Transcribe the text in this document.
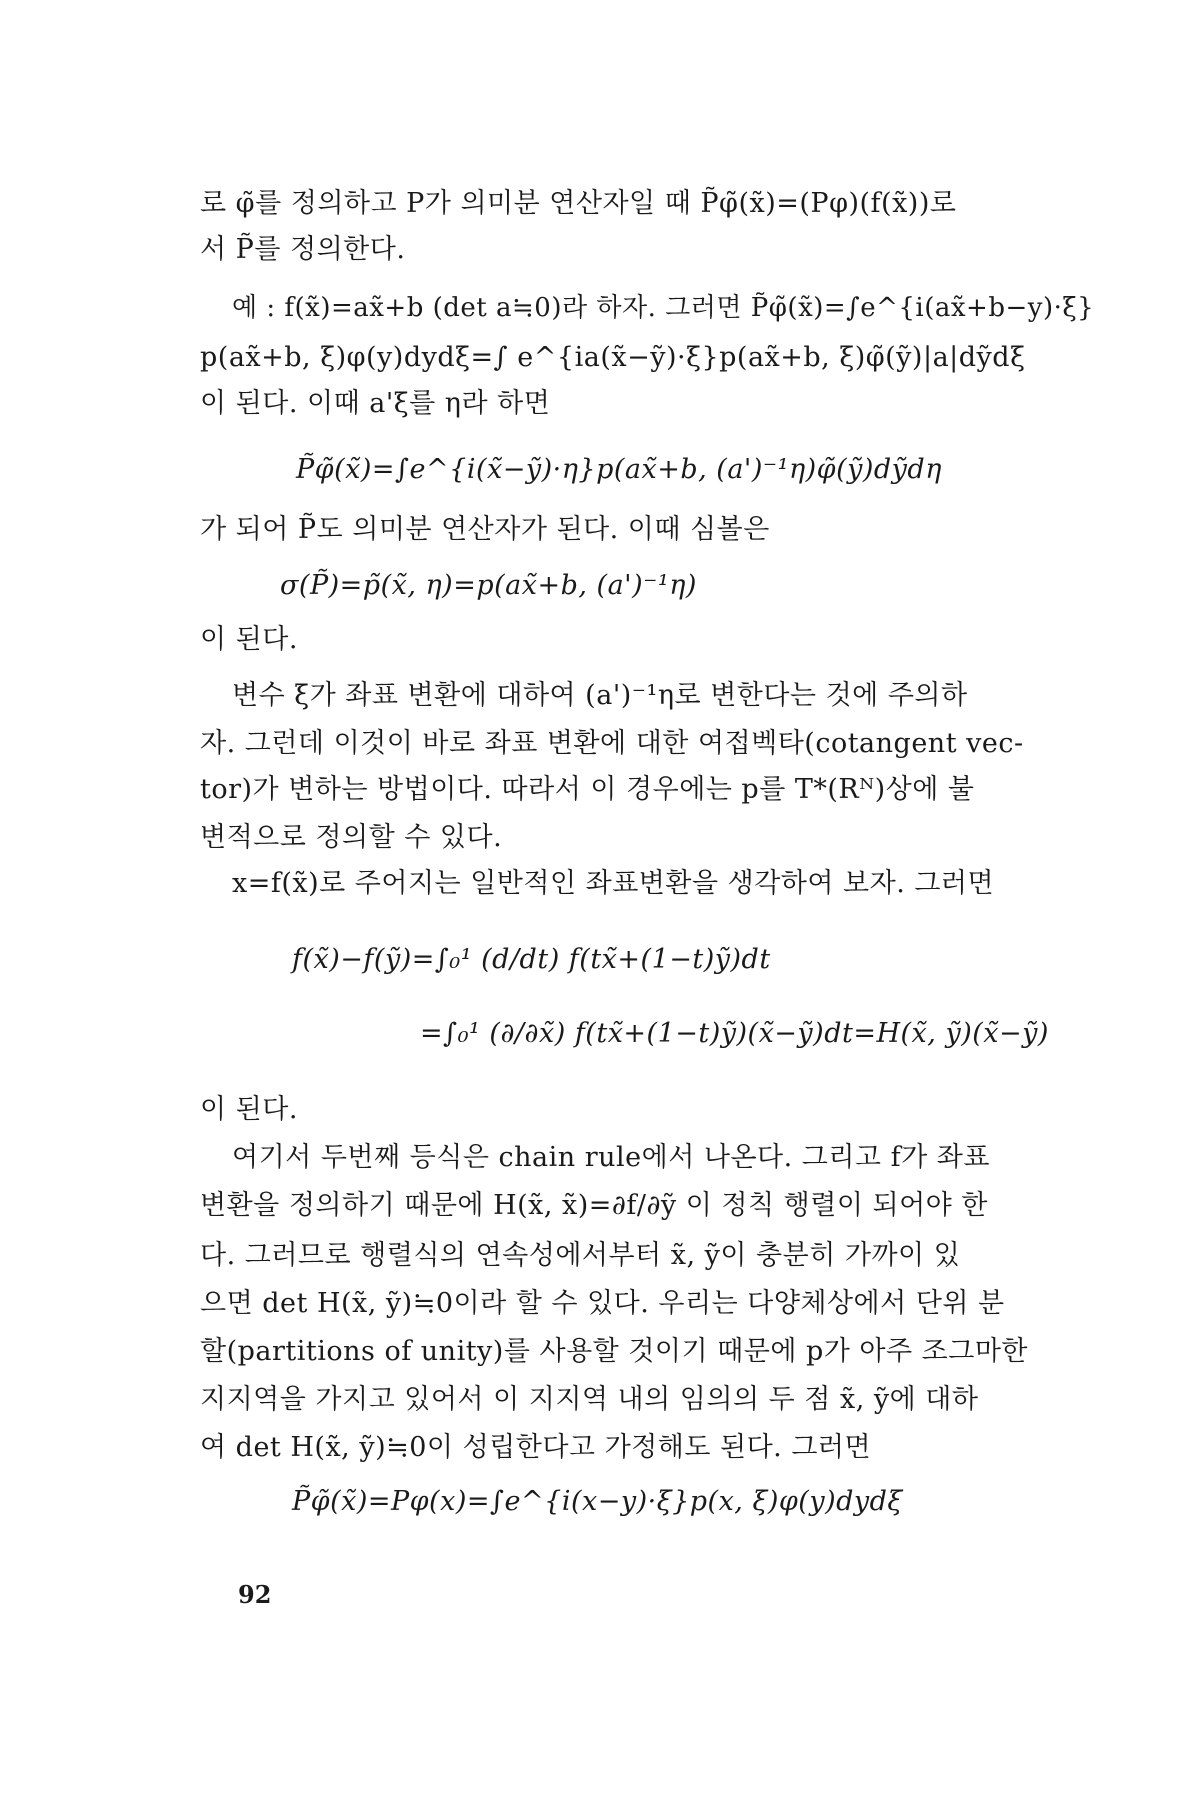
로 φ̃를 정의하고 P가 의미분 연산자일 때 P̃φ̃(x̃)=(Pφ)(f(x̃))로
서 P̃를 정의한다.
예 : f(x̃)=ax̃+b (det a≒0)라 하자. 그러면 P̃φ̃(x̃)=∫e^{i(ax̃+b−y)·ξ}
p(ax̃+b, ξ)φ(y)dydξ=∫ e^{ia(x̃−ỹ)·ξ}p(ax̃+b, ξ)φ̃(ỹ)|a|dỹdξ
이 된다. 이때 a'ξ를 η라 하면
P̃φ̃(x̃)=∫e^{i(x̃−ỹ)·η}p(ax̃+b, (a')⁻¹η)φ̃(ỹ)dỹdη
가 되어 P̃도 의미분 연산자가 된다. 이때 심볼은
σ(P̃)=p̃(x̃, η)=p(ax̃+b, (a')⁻¹η)
이 된다.
변수 ξ가 좌표 변환에 대하여 (a')⁻¹η로 변한다는 것에 주의하
자. 그런데 이것이 바로 좌표 변환에 대한 여접벡타(cotangent vec-
tor)가 변하는 방법이다. 따라서 이 경우에는 p를 T*(Rᴺ)상에 불
변적으로 정의할 수 있다.
x=f(x̃)로 주어지는 일반적인 좌표변환을 생각하여 보자. 그러면
f(x̃)−f(ỹ)=∫₀¹ (d/dt) f(tx̃+(1−t)ỹ)dt
=∫₀¹ (∂/∂x̃) f(tx̃+(1−t)ỹ)(x̃−ỹ)dt=H(x̃, ỹ)(x̃−ỹ)
이 된다.
여기서 두번째 등식은 chain rule에서 나온다. 그리고 f가 좌표
변환을 정의하기 때문에 H(x̃, x̃)=∂f/∂ỹ 이 정칙 행렬이 되어야 한
다. 그러므로 행렬식의 연속성에서부터 x̃, ỹ이 충분히 가까이 있
으면 det H(x̃, ỹ)≒0이라 할 수 있다. 우리는 다양체상에서 단위 분
할(partitions of unity)를 사용할 것이기 때문에 p가 아주 조그마한
지지역을 가지고 있어서 이 지지역 내의 임의의 두 점 x̃, ỹ에 대하
여 det H(x̃, ỹ)≒0이 성립한다고 가정해도 된다. 그러면
P̃φ̃(x̃)=Pφ(x)=∫e^{i(x−y)·ξ}p(x, ξ)φ(y)dydξ
92
